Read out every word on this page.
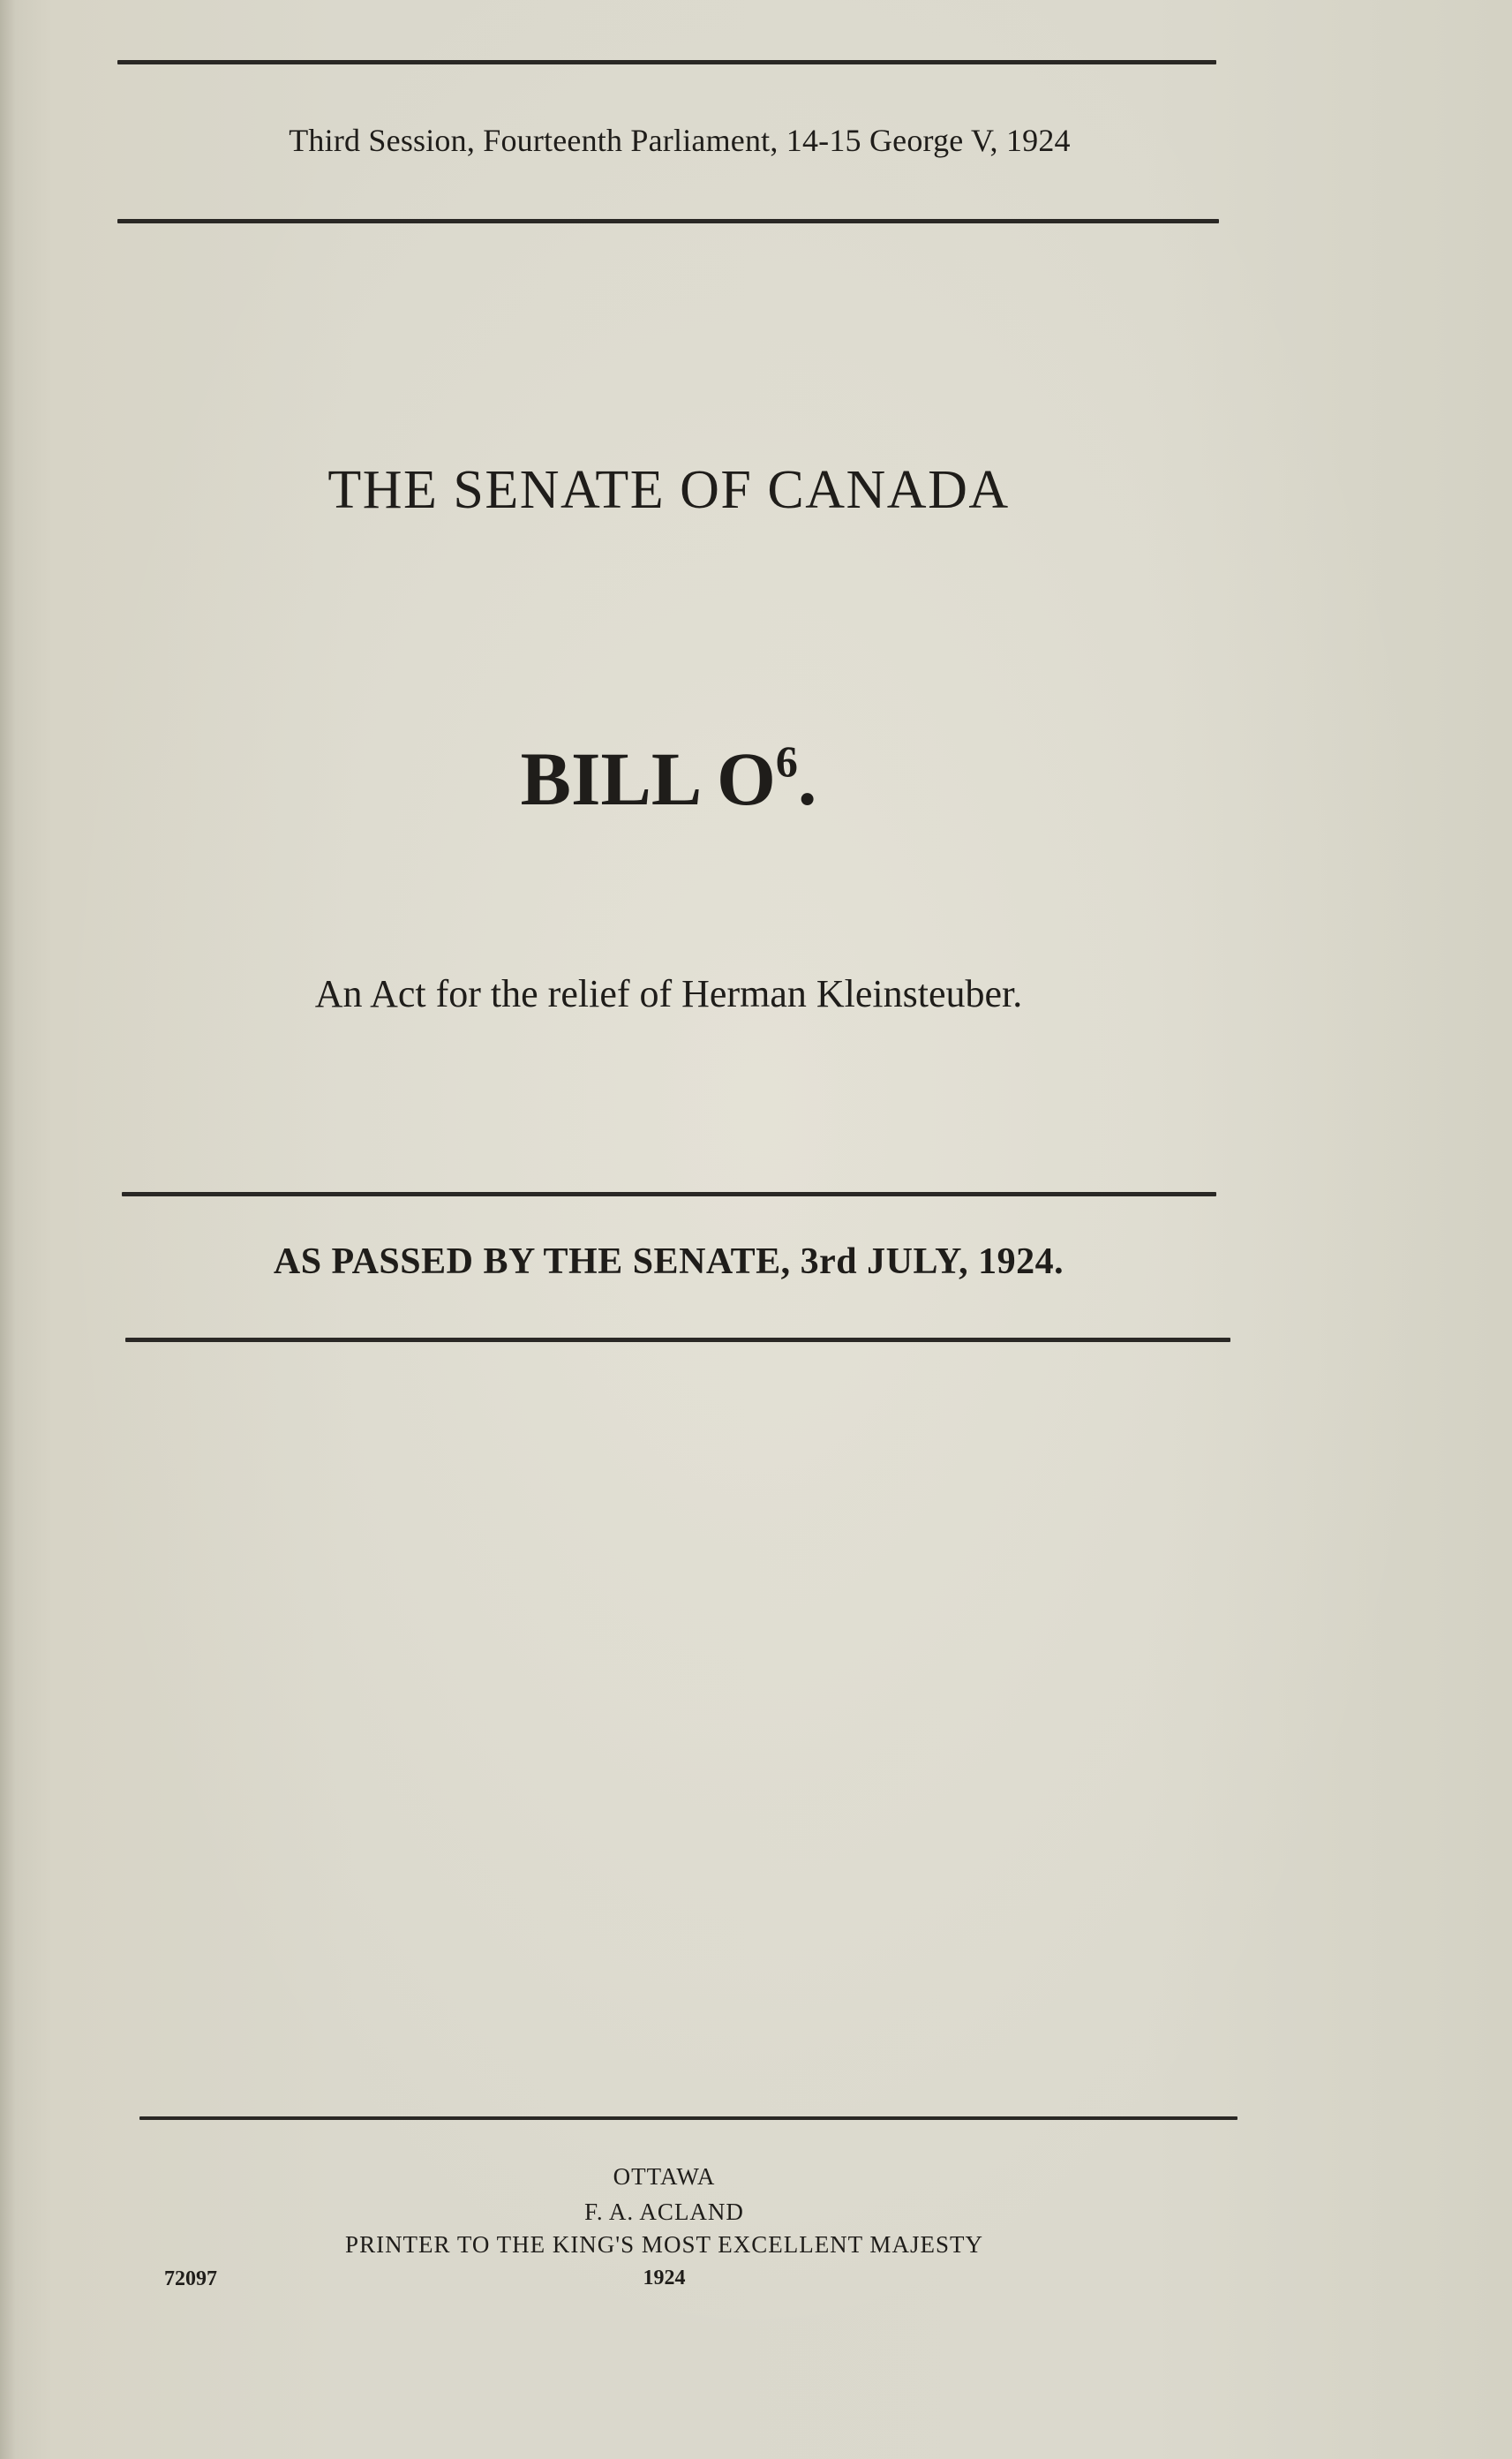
Third Session, Fourteenth Parliament, 14-15 George V, 1924
THE SENATE OF CANADA
BILL $O^6$.
An Act for the relief of Herman Kleinsteuber.
AS PASSED BY THE SENATE, 3rd JULY, 1924.
OTTAWA
F. A. ACLAND
PRINTER TO THE KING'S MOST EXCELLENT MAJESTY
1924
72097
